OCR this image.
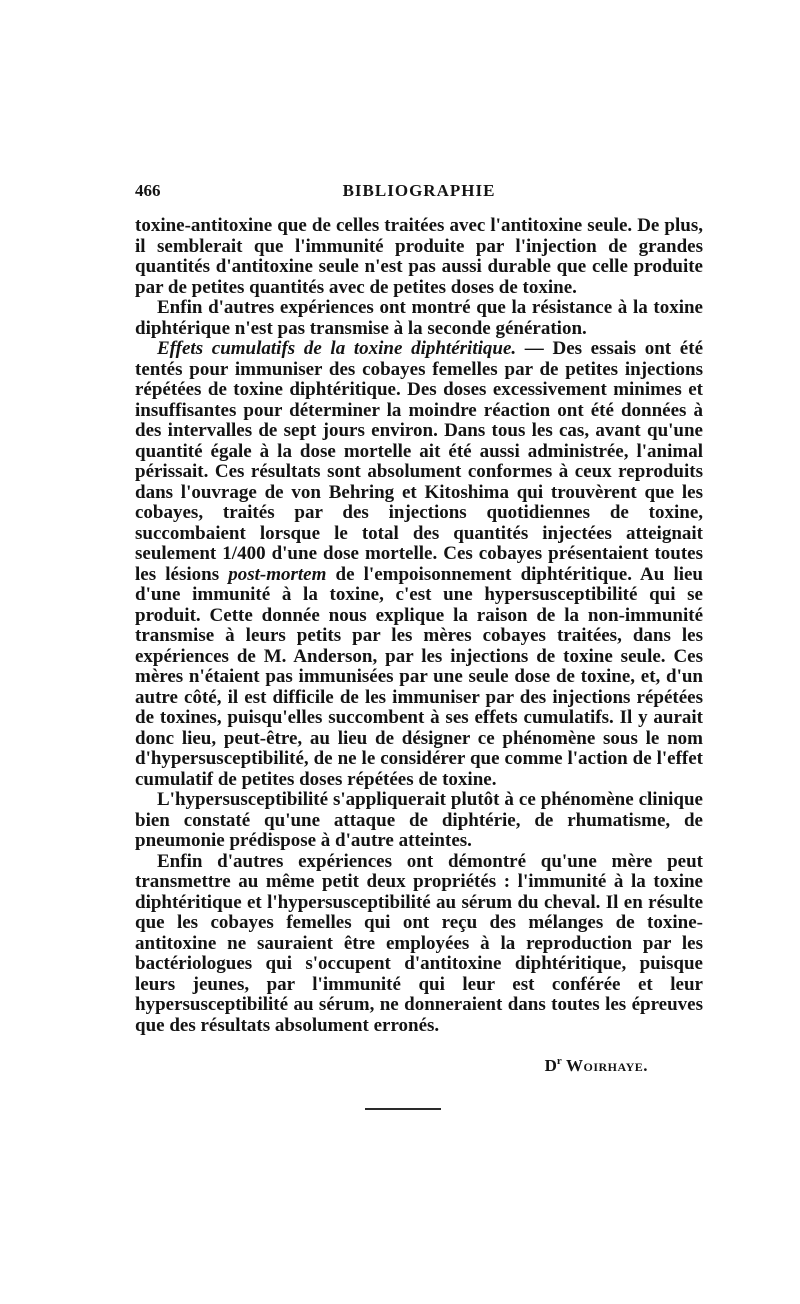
466	BIBLIOGRAPHIE

toxine-antitoxine que de celles traitées avec l'antitoxine seule. De plus, il semblerait que l'immunité produite par l'injection de grandes quantités d'antitoxine seule n'est pas aussi durable que celle produite par de petites quantités avec de petites doses de toxine.

Enfin d'autres expériences ont montré que la résistance à la toxine diphtérique n'est pas transmise à la seconde génération.

Effets cumulatifs de la toxine diphtéritique. — Des essais ont été tentés pour immuniser des cobayes femelles par de petites injections répétées de toxine diphtéritique. Des doses excessivement minimes et insuffisantes pour déterminer la moindre réaction ont été données à des intervalles de sept jours environ. Dans tous les cas, avant qu'une quantité égale à la dose mortelle ait été aussi administrée, l'animal périssait. Ces résultats sont absolument conformes à ceux reproduits dans l'ouvrage de von Behring et Kitoshima qui trouvèrent que les cobayes, traités par des injections quotidiennes de toxine, succombaient lorsque le total des quantités injectées atteignait seulement 1/400 d'une dose mortelle. Ces cobayes présentaient toutes les lésions post-mortem de l'empoisonnement diphtéritique. Au lieu d'une immunité à la toxine, c'est une hypersusceptibilité qui se produit. Cette donnée nous explique la raison de la non-immunité transmise à leurs petits par les mères cobayes traitées, dans les expériences de M. Anderson, par les injections de toxine seule. Ces mères n'étaient pas immunisées par une seule dose de toxine, et, d'un autre côté, il est difficile de les immuniser par des injections répétées de toxines, puisqu'elles succombent à ses effets cumulatifs. Il y aurait donc lieu, peut-être, au lieu de désigner ce phénomène sous le nom d'hypersusceptibilité, de ne le considérer que comme l'action de l'effet cumulatif de petites doses répétées de toxine.

L'hypersusceptibilité s'appliquerait plutôt à ce phénomène clinique bien constaté qu'une attaque de diphtérie, de rhumatisme, de pneumonie prédispose à d'autre atteintes.

Enfin d'autres expériences ont démontré qu'une mère peut transmettre au même petit deux propriétés : l'immunité à la toxine diphtéritique et l'hypersusceptibilité au sérum du cheval. Il en résulte que les cobayes femelles qui ont reçu des mélanges de toxine-antitoxine ne sauraient être employées à la reproduction par les bactériologues qui s'occupent d'antitoxine diphtéritique, puisque leurs jeunes, par l'immunité qui leur est conférée et leur hypersusceptibilité au sérum, ne donneraient dans toutes les épreuves que des résultats absolument erronés.

$D^r$ Woirhaye.
